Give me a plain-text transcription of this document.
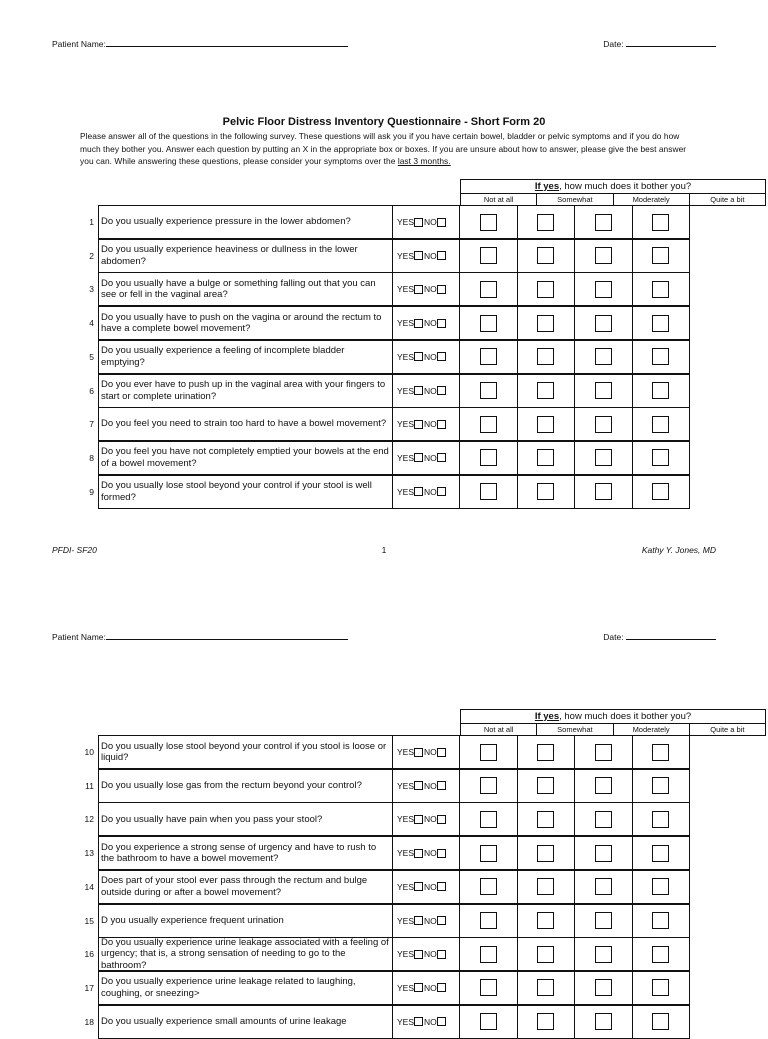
Patient Name:	Date:
Pelvic Floor Distress Inventory Questionnaire - Short Form 20
Please answer all of the questions in the following survey. These questions will ask you if you have certain bowel, bladder or pelvic symptoms and if you do how much they bother you. Answer each question by putting an X in the appropriate box or boxes. If you are unsure about how to answer, please give the best answer you can. While answering these questions, please consider your symptoms over the last 3 months.
If yes, how much does it bother you?
Not at all	Somewhat	Moderately	Quite a bit
1 Do you usually experience pressure in the lower abdomen?	YES NO
2
Do you usually experience heaviness or dullness in the lower abdomen?	YES NO
3
Do you usually have a bulge or something falling out that you can see or fell in the vaginal area?	YES NO
4
Do you usually have to push on the vagina or around the rectum to have a complete bowel movement?	YES NO
5
Do you usually experience a feeling of incomplete bladder emptying?	YES NO
6
Do you ever have to push up in the vaginal area with your fingers to start or complete urination?	YES NO
7 Do you feel you need to strain too hard to have a bowel movement? YES NO
8
Do you feel you have not completely emptied your bowels at the end of a bowel movement?	YES NO
9
Do you usually lose stool beyond your control if your stool is well formed?	YES NO
PFDI- SF20	1	Kathy Y. Jones, MD
Patient Name:	Date:
If yes, how much does it bother you?
Not at all	Somewhat	Moderately	Quite a bit
10
Do you usually lose stool beyond your control if you stool is loose or liquid?	YES NO
11 Do you usually lose gas from the rectum beyond your control?	YES NO
12 Do you usually have pain when you pass your stool?	YES NO
13
Do you experience a strong sense of urgency and have to rush to the bathroom to have a bowel movement?	YES NO
14
Does part of your stool ever pass through the rectum and bulge outside during or after a bowel movement?	YES NO
15 D you usually experience frequent urination	YES NO
16
Do you usually experience urine leakage associated with a feeling of urgency; that is, a strong sensation of needing to go to the bathroom?
YES NO
17
Do you usually experience urine leakage related to laughing, coughing, or sneezing>	YES NO
18 Do you usually experience small amounts of urine leakage	YES NO
